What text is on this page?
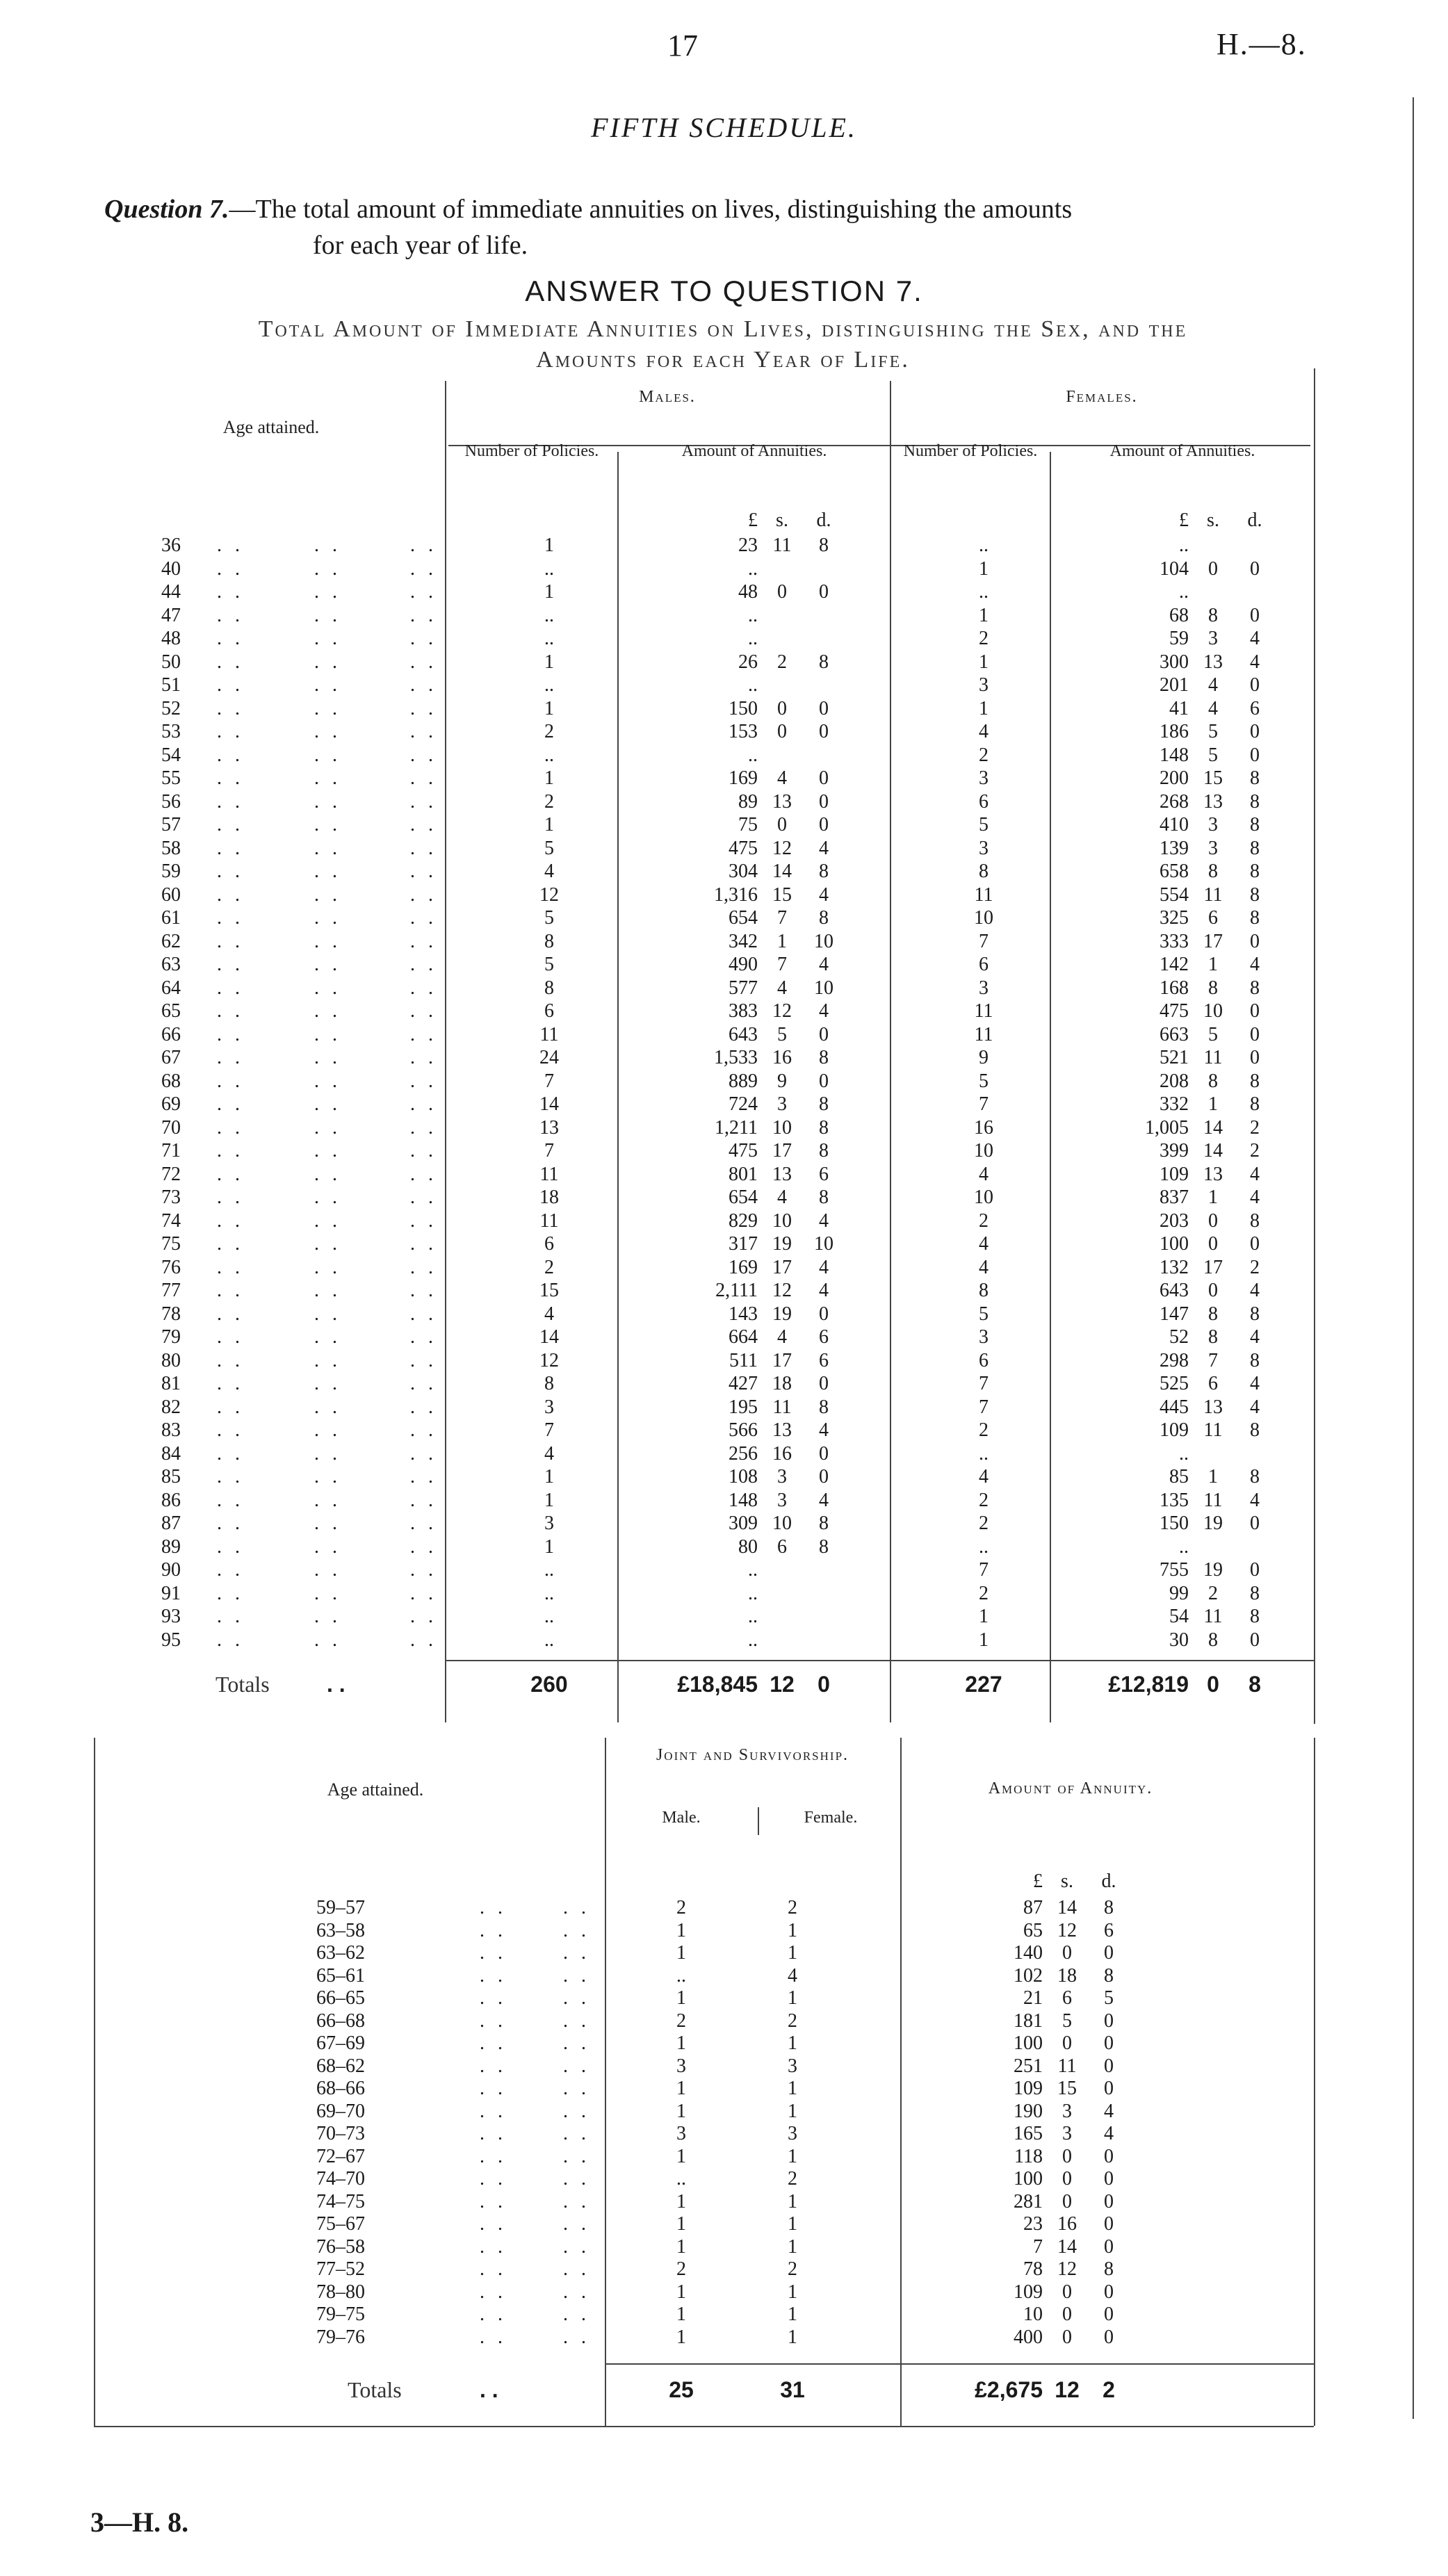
17	H.—8.
FIFTH SCHEDULE.
Question 7.—The total amount of immediate annuities on lives, distinguishing the amounts
for each year of life.
ANSWER TO QUESTION 7.
Total Amount of Immediate Annuities on Lives, distinguishing the Sex, and the
Amounts for each Year of Life.
Age attained.
Males.	Females.
Number of Policies.	Amount of Annuities.	Number of Policies.	Amount of Annuities.
£ s.	d.	£ s.	d.
36 . .	. .	. .	1	23 11	8	..	..
40 . .	. .	. .	..	..	1	104	0	0
44 . .	. .	. .	1	48	0	0	..	..
47 . .	. .	. .	..	..	1	68	8	0
48 . .	. .	. .	..	..	2	59	3	4
50 . .	. .	. .	1	26	2	8	1	300 13	4
51 . .	. .	. .	..	..	3	201	4	0
52 . .	. .	. .	1	150	0	0	1	41	4	6
53 . .	. .	. .	2	153	0	0	4	186	5	0
54 . .	. .	. .	..	..	2	148	5	0
55 . .	. .	. .	1	169	4	0	3	200 15	8
56 . .	. .	. .	2	89 13	0	6	268 13	8
57 . .	. .	. .	1	75	0	0	5	410	3	8
58 . .	. .	. .	5	475 12	4	3	139	3	8
59 . .	. .	. .	4	304 14	8	8	658	8	8
60 . .	. .	. .	12	1,316 15	4	11	554 11	8
61 . .	. .	. .	5	654	7	8	10	325	6	8
62 . .	. .	. .	8	342	1	10	7	333 17	0
63 . .	. .	. .	5	490	7	4	6	142	1	4
64 . .	. .	. .	8	577	4	10	3	168	8	8
65 . .	. .	. .	6	383 12	4	11	475 10	0
66 . .	. .	. .	11	643	5	0	11	663	5	0
67 . .	. .	. .	24	1,533 16	8	9	521 11	0
68 . .	. .	. .	7	889	9	0	5	208	8	8
69 . .	. .	. .	14	724	3	8	7	332	1	8
70 . .	. .	. .	13	1,211 10	8	16	1,005 14	2
71 . .	. .	. .	7	475 17	8	10	399 14	2
72 . .	. .	. .	11	801 13	6	4	109 13	4
73 . .	. .	. .	18	654	4	8	10	837	1	4
74 . .	. .	. .	11	829 10	4	2	203	0	8
75 . .	. .	. .	6	317 19	10	4	100	0	0
76 . .	. .	. .	2	169 17	4	4	132 17	2
77 . .	. .	. .	15	2,111 12	4	8	643	0	4
78 . .	. .	. .	4	143 19	0	5	147	8	8
79 . .	. .	. .	14	664	4	6	3	52	8	4
80 . .	. .	. .	12	511 17	6	6	298	7	8
81 . .	. .	. .	8	427 18	0	7	525	6	4
82 . .	. .	. .	3	195 11	8	7	445 13	4
83 . .	. .	. .	7	566 13	4	2	109 11	8
84 . .	. .	. .	4	256 16	0	..	..
85 . .	. .	. .	1	108	3	0	4	85	1	8
86 . .	. .	. .	1	148	3	4	2	135 11	4
87 . .	. .	. .	3	309 10	8	2	150 19	0
89 . .	. .	. .	1	80	6	8	..	..
90 . .	. .	. .	..	..	7	755 19	0
91 . .	. .	. .	..	..	2	99	2	8
93 . .	. .	. .	..	..	1	54 11	8
95 . .	. .	. .	..	..	1	30	8	0
Totals	. .	260	£18,845 12	0	227	£12,819 0	8
Age attained.
Joint and Survivorship.
Male.	Female.
Amount of Annuity.
£ s.	d.
59–57	. .	. .	2	2	87 14	8
63–58	. .	. .	1	1	65 12	6
63–62	. .	. .	1	1	140	0	0
65–61	. .	. .	..	4	102 18	8
66–65	. .	. .	1	1	21	6	5
66–68	. .	. .	2	2	181	5	0
67–69	. .	. .	1	1	100	0	0
68–62	. .	. .	3	3	251 11	0
68–66	. .	. .	1	1	109 15	0
69–70	. .	. .	1	1	190	3	4
70–73	. .	. .	3	3	165	3	4
72–67	. .	. .	1	1	118	0	0
74–70	. .	. .	..	2	100	0	0
74–75	. .	. .	1	1	281	0	0
75–67	. .	. .	1	1	23 16	0
76–58	. .	. .	1	1	7 14	0
77–52	. .	. .	2	2	78 12	8
78–80	. .	. .	1	1	109	0	0
79–75	. .	. .	1	1	10	0	0
79–76	. .	. .	1	1	400	0	0
Totals	. .	25	31	£2,675 12	2
3—H. 8.
